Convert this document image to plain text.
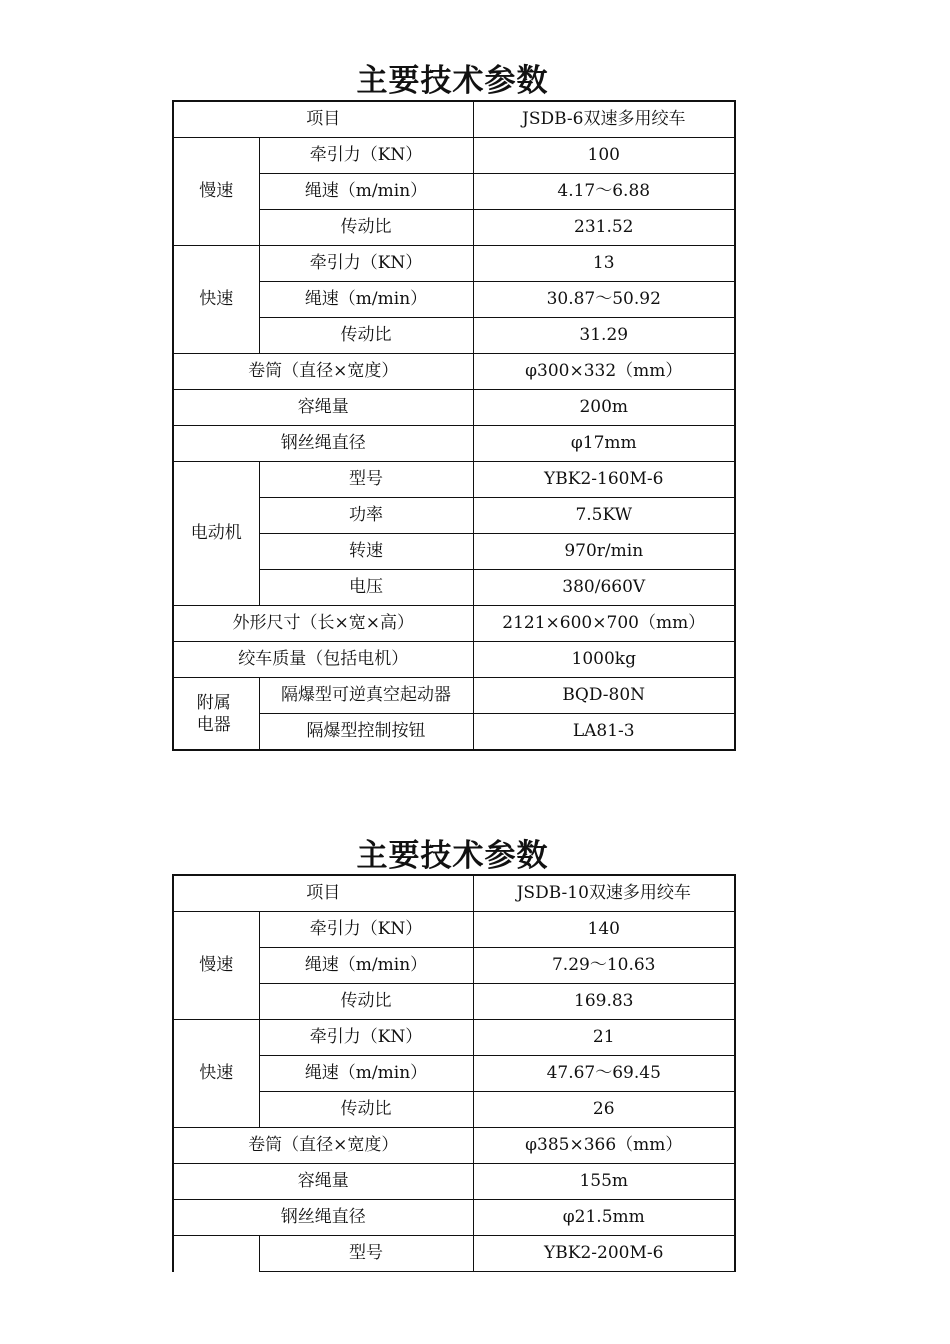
主要技术参数
项目		JSDB-6双速多用绞车
慢速	牵引力（KN）	100
	绳速（m/min）	4.17～6.88
	传动比	231.52
快速	牵引力（KN）	13
	绳速（m/min）	30.87～50.92
	传动比	31.29
卷筒（直径×宽度）		φ300×332（mm）
容绳量		200m
钢丝绳直径		φ17mm
电动机	型号	YBK2-160M-6
	功率	7.5KW
	转速	970r/min
	电压	380/660V
外形尺寸（长×宽×高）		2121×600×700（mm）
绞车质量（包括电机）		1000kg
附属电器	隔爆型可逆真空起动器	BQD-80N
	隔爆型控制按钮	LA81-3
主要技术参数
项目		JSDB-10双速多用绞车
慢速	牵引力（KN）	140
	绳速（m/min）	7.29～10.63
	传动比	169.83
快速	牵引力（KN）	21
	绳速（m/min）	47.67～69.45
	传动比	26
卷筒（直径×宽度）		φ385×366（mm）
容绳量		155m
钢丝绳直径		φ21.5mm
	型号	YBK2-200M-6
